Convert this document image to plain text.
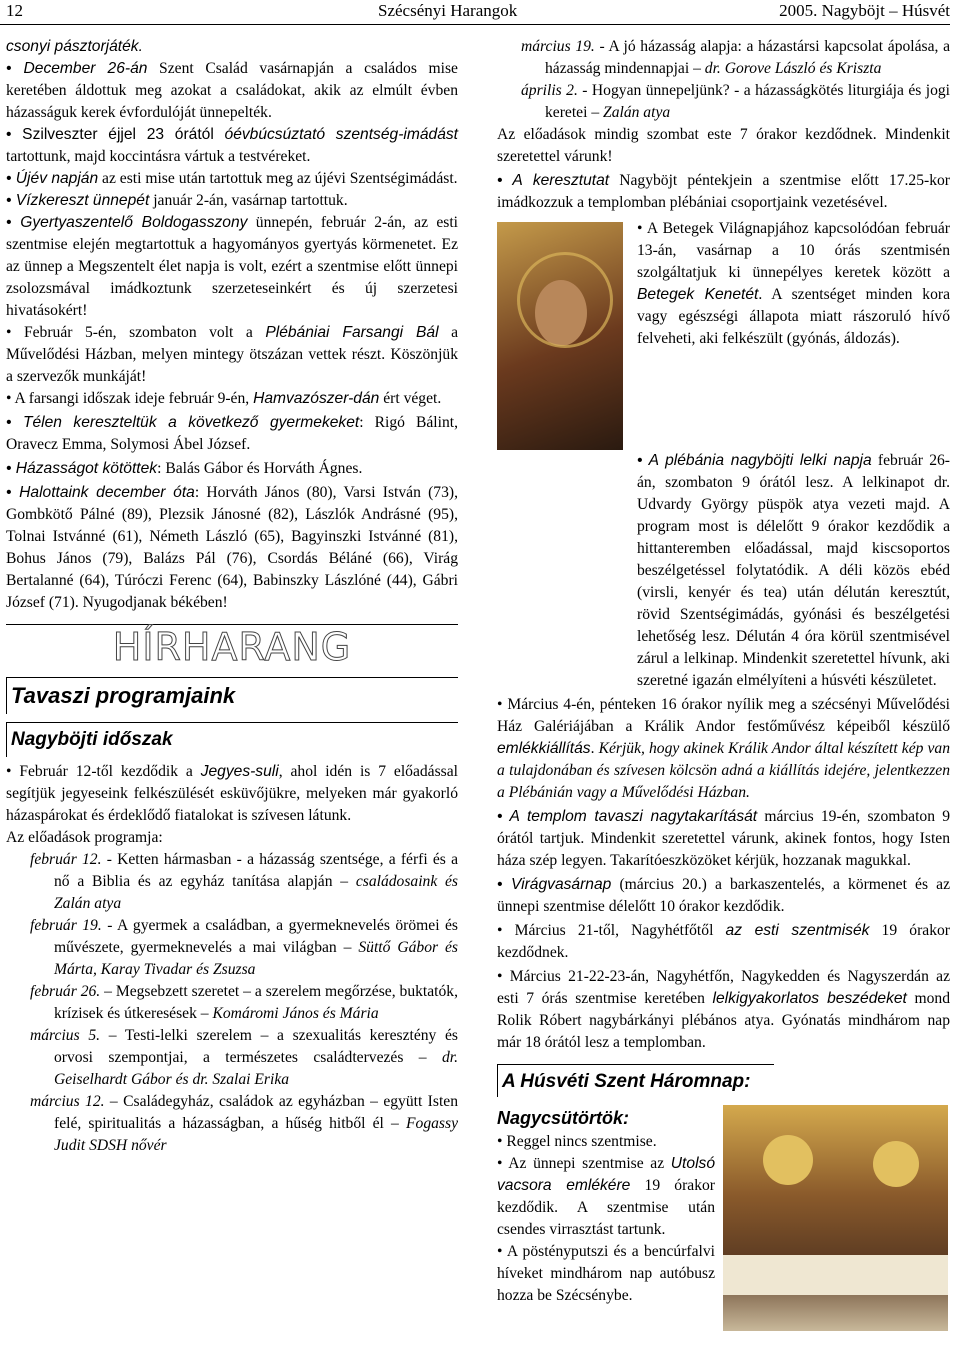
12	Szécsényi Harangok	2005. Nagyböjt – Húsvét

csonyi pásztorjáték.

• December 26-án Szent Család vasárnapján a családos mise keretében áldottuk meg azokat a családokat, akik az elmúlt évben házasságuk kerek évfordulóját ünnepelték.

• Szilveszter éjjel 23 órától óévbúcsúztató szentség-imádást tartottunk, majd koccintásra vártuk a testvéreket.

• Újév napján az esti mise után tartottuk meg az újévi Szentségimádást.

• Vízkereszt ünnepét január 2-án, vasárnap tartottuk.

• Gyertyaszentelő Boldogasszony ünnepén, február 2-án, az esti szentmise elején megtartottuk a hagyományos gyertyás körmenetet. Ez az ünnep a Megszentelt élet napja is volt, ezért a szentmise előtt ünnepi zsolozsmával imádkoztunk szerzeteseinkért és új szerzetesi hivatásokért!

• Február 5-én, szombaton volt a Plébániai Farsangi Bál a Művelődési Házban, melyen mintegy ötszázan vettek részt. Köszönjük a szervezők munkáját!

• A farsangi időszak ideje február 9-én, Hamvazószer-dán ért véget.

• Télen kereszteltük a következő gyermekeket: Rigó Bálint, Oravecz Emma, Solymosi Ábel József.

• Házasságot kötöttek: Balás Gábor és Horváth Ágnes.

• Halottaink december óta: Horváth János (80), Varsi István (73), Gombkötő Pálné (89), Plezsik Jánosné (82), Lászlók Andrásné (95), Tolnai Istvánné (61), Németh László (65), Bagyinszki Istvánné (81), Bohus János (79), Balázs Pál (76), Csordás Béláné (66), Virág Bertalanné (64), Túróczi Ferenc (64), Babinszky Lászlóné (44), Gábri József (71). Nyugodjanak békében!

HÍRHARANG
Tavaszi programjaink
Nagyböjti időszak

• Február 12-től kezdődik a Jegyes-suli, ahol idén is 7 előadással segítjük jegyeseink felkészülését esküvőjükre, melyeken már gyakorló házaspárokat és érdeklődő fiatalokat is szívesen látunk.

Az előadások programja:

február 12. - Ketten hármasban - a házasság szentsége, a férfi és a nő a Biblia és az egyház tanítása alapján – családosaink és Zalán atya

február 19. - A gyermek a családban, a gyermeknevelés örömei és művészete, gyermeknevelés a mai világban – Süttő Gábor és Márta, Karay Tivadar és Zsuzsa

február 26. – Megsebzett szeretet – a szerelem megőrzése, buktatók, krízisek és útkeresések – Komáromi János és Mária

március 5. – Testi-lelki szerelem – a szexualitás keresztény és orvosi szempontjai, a természetes családtervezés – dr. Geiselhardt Gábor és dr. Szalai Erika

március 12. – Családegyház, családok az egyházban – együtt Isten felé, spiritualitás a házasságban, a hűség hitből él – Fogassy Judit SDSH nővér

március 19. - A jó házasság alapja: a házastársi kapcsolat ápolása, a házasság mindennapjai – dr. Gorove László és Kriszta

április 2. - Hogyan ünnepeljünk? - a házasságkötés liturgiája és jogi keretei – Zalán atya

Az előadások mindig szombat este 7 órakor kezdődnek. Mindenkit szeretettel várunk!

• A keresztutat Nagyböjt péntekjein a szentmise előtt 17.25-kor imádkozzuk a templomban plébániai csoportjaink vezetésével.

• A Betegek Világnapjához kapcsolódóan február 13-án, vasárnap a 10 órás szentmisén szolgáltatjuk ki ünnepélyes keretek között a Betegek Kenetét. A szentséget minden kora vagy egészségi állapota miatt rászoruló hívő felveheti, aki felkészült (gyónás, áldozás).

• A plébánia nagyböjti lelki napja február 26-án, szombaton 9 órától lesz. A lelkinapot dr. Udvardy György püspök atya vezeti majd. A program most is délelőtt 9 órakor kezdődik a hittanteremben előadással, majd kiscsoportos beszélgetéssel folytatódik. A déli közös ebéd (virsli, kenyér és tea) után délután keresztút, rövid Szentségimádás, gyónási és beszélgetési lehetőség lesz. Délután 4 óra körül szentmisével zárul a lelkinap. Mindenkit szeretettel hívunk, aki szeretné igazán elmélyíteni a húsvéti készületet.

• Március 4-én, pénteken 16 órakor nyílik meg a szécsényi Művelődési Ház Galériájában a Králik Andor festőművész képeiből készülő emlékkiállítás. Kérjük, hogy akinek Králik Andor által készített kép van a tulajdonában és szívesen kölcsön adná a kiállítás idejére, jelentkezzen a Plébánián vagy a Művelődési Házban.

• A templom tavaszi nagytakarítását március 19-én, szombaton 9 órától tartjuk. Mindenkit szeretettel várunk, akinek fontos, hogy Isten háza szép legyen. Takarítóeszközöket kérjük, hozzanak magukkal.

• Virágvasárnap (március 20.) a barkaszentelés, a körmenet és az ünnepi szentmise délelőtt 10 órakor kezdődik.

• Március 21-től, Nagyhétfőtől az esti szentmisék 19 órakor kezdődnek.

• Március 21-22-23-án, Nagyhétfőn, Nagykedden és Nagyszerdán az esti 7 órás szentmise keretében lelkigyakorlatos beszédeket mond Rolik Róbert nagybárkányi plébános atya. Gyónatás mindhárom nap már 18 órától lesz a templomban.

A Húsvéti Szent Háromnap:
Nagycsütörtök:

• Reggel nincs szentmise.

• Az ünnepi szentmise az Utolsó vacsora emlékére 19 órakor kezdődik. A szentmise után csendes virrasztást tartunk.

• A pöstényputszi és a bencúrfalvi híveket mindhárom nap autóbusz hozza be Szécsénybe.
